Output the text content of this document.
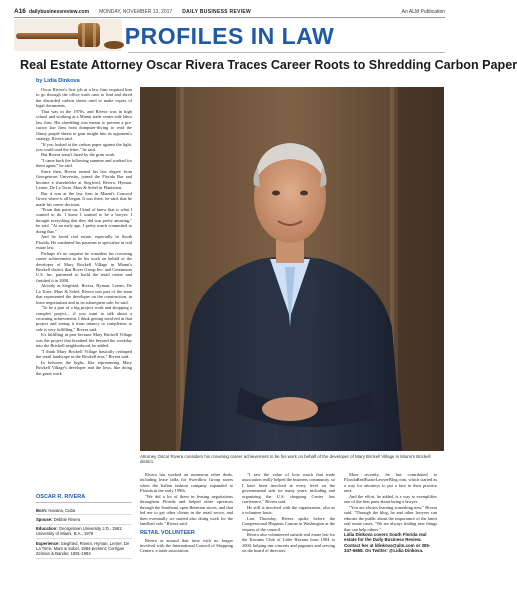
A16 dailybusinessreview.com MONDAY, NOVEMBER 13, 2017 DAILY BUSINESS REVIEW	An ALM Publication
PROFILES IN LAW
Real Estate Attorney Oscar Rivera Traces Career Roots to Shredding Carbon Paper
by Lidia Dinkova

Oscar Rivera's first job at a law firm required him to go through the office trash cans to find and shred the discarded carbon sheets used to make copies of legal documents.

That was in the 1970s, and Rivera was in high school and working at a Miami trade center side labor law firm. His shredding was meant to prevent a pre-cursor law firm from dumpster-diving to read the flimsy purple sheets to gain insight into its opponent's strategy, Rivera said.

"If you looked at the carbon paper against the light, you could read the letter," he said.

But Rivera wasn't fazed by the grim work.

"I came back the following summer and worked for them again," he said.

Since then, Rivera earned his law degree from Georgetown University, joined the Florida Bar and became a shareholder at Siegfried, Rivera, Hyman, Lerner, De La Torre, Mars & Sobel in Plantation.

But it was at the law firm in Miami's Concord Grove where it all began. It was there, he said, that he made his career decision.

"From that point on, I kind of knew that is what I wanted to do. I knew I wanted to be a lawyer. I thought everything that they did was pretty amazing," he said. "At an early age, I pretty much committed to doing that."

And he loved real estate, especially in South Florida. He combined his passions to specialize in real estate law.

Perhaps it's no surprise he considers his crowning career achievement to be his work on behalf of the developer of Mary Brickell Village in Miami's Brickell district that Rover Group Inc. and Continuum U.S. Inc. partnered to build the retail center and finished it in 2008.

Already at Siegfried, Rivera, Hyman, Lerner, De La Torre, Mars & Sobel, Rivera was part of the team that represented the developer on the construction, in lease negotiations and in its subsequent sale, he said.

"To be a part of a big project work and shopping a complex project... if you want to talk about a crowning achievement, I think getting involved in that project and seeing it from infancy to completion to sale is very fulfilling," Rivera said.

It's fulfilling in part because Mary Brickell Village was the project that breathed life beyond the workday into the Brickell neighborhood, he added.

"I think Mary Brickell Village basically reshaped the retail landscape in the Brickell area," Rivera said.

In between the highs, like representing Mary Brickell Village's developer and the lows, like doing the grunt work

Attorney Oscar Rivera considers his crowning career achievement to be his work on behalf of the developer of Mary Brickell Village in Miami's Brickell district.
OSCAR R. RIVERA
Born: Havana, Cuba
Spouse: Debbie Rivera
Education: Georgetown University J.D., 1981; University of Miami, B.A., 1978
Experience: Siegfried, Rivera, Hyman, Lerner, De La Torre, Mars & Sobel, 1984-present; Corrigan Zelman & Bander, 1981-1984

Rivera has worked on numerous other deals, including lease talks for Swerdlow Group stores when the Italian fashion company expanded to Florida in the early 1990s.

"We did a lot of them in leasing negotiations throughout Florida and helped other operators through the Southeast open Benetton stores, and that led me to get other clients in the retail sector, and then eventually we started also doing work for the landlord side," Rivera said.

RETAIL VOLUNTEER

Rivera at around that time with no longer involved with the International Council of Shopping Centers, a trade association.

"I saw the value of how much that trade association really helped the business community, so I have been involved at every level on the governmental side for many years, including and organizing the U.S. shopping Center law conference," Rivera said.

He still is involved with the organization, also as a volunteer basis.

Last Thursday, Rivera spoke before the Congressional Hispanic Caucus in Washington at the request of the council.

Rivera also volunteered outside real estate law for the Kiwanis Club of Little Havana from 1984 to 2000, helping run concerts and pageants and serving on the board of directors.

More recently, he has contributed to FloridaRealEstateLawyerBlog.com, which started as a way for attorneys to put a face in their practice area.

And the effort, he added, is a way to exemplifies one of the best parts about being a lawyer.

"You are always learning something new," Rivera said. "Through the blog, he and other lawyers can educate the public about the importance of the latest real estate cases. "We are always finding new things that can help others."

Lidia Dinkova covers South Florida real estate for the Daily Business Review. Contact her at ldinkova@alm.com or 305-347-6668. On Twitter: @Lidia Dinkova.
